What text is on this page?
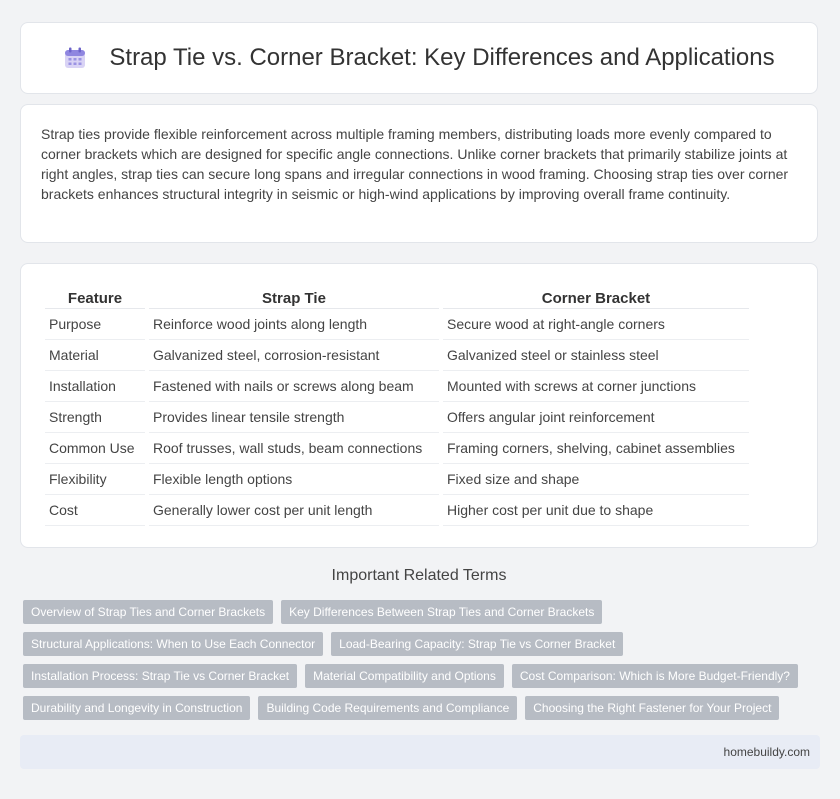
Strap Tie vs. Corner Bracket: Key Differences and Applications

Strap ties provide flexible reinforcement across multiple framing members, distributing loads more evenly compared to corner brackets which are designed for specific angle connections. Unlike corner brackets that primarily stabilize joints at right angles, strap ties can secure long spans and irregular connections in wood framing. Choosing strap ties over corner brackets enhances structural integrity in seismic or high-wind applications by improving overall frame continuity.

Feature	Strap Tie	Corner Bracket
Purpose	Reinforce wood joints along length	Secure wood at right-angle corners
Material	Galvanized steel, corrosion-resistant	Galvanized steel or stainless steel
Installation	Fastened with nails or screws along beam	Mounted with screws at corner junctions
Strength	Provides linear tensile strength	Offers angular joint reinforcement
Common Use	Roof trusses, wall studs, beam connections	Framing corners, shelving, cabinet assemblies
Flexibility	Flexible length options	Fixed size and shape
Cost	Generally lower cost per unit length	Higher cost per unit due to shape
Important Related Terms
Overview of Strap Ties and Corner Brackets	Key Differences Between Strap Ties and Corner Brackets
Structural Applications: When to Use Each Connector	Load-Bearing Capacity: Strap Tie vs Corner Bracket
Installation Process: Strap Tie vs Corner Bracket	Material Compatibility and Options	Cost Comparison: Which is More Budget-Friendly?
Durability and Longevity in Construction	Building Code Requirements and Compliance	Choosing the Right Fastener for Your Project
homebuildy.com
